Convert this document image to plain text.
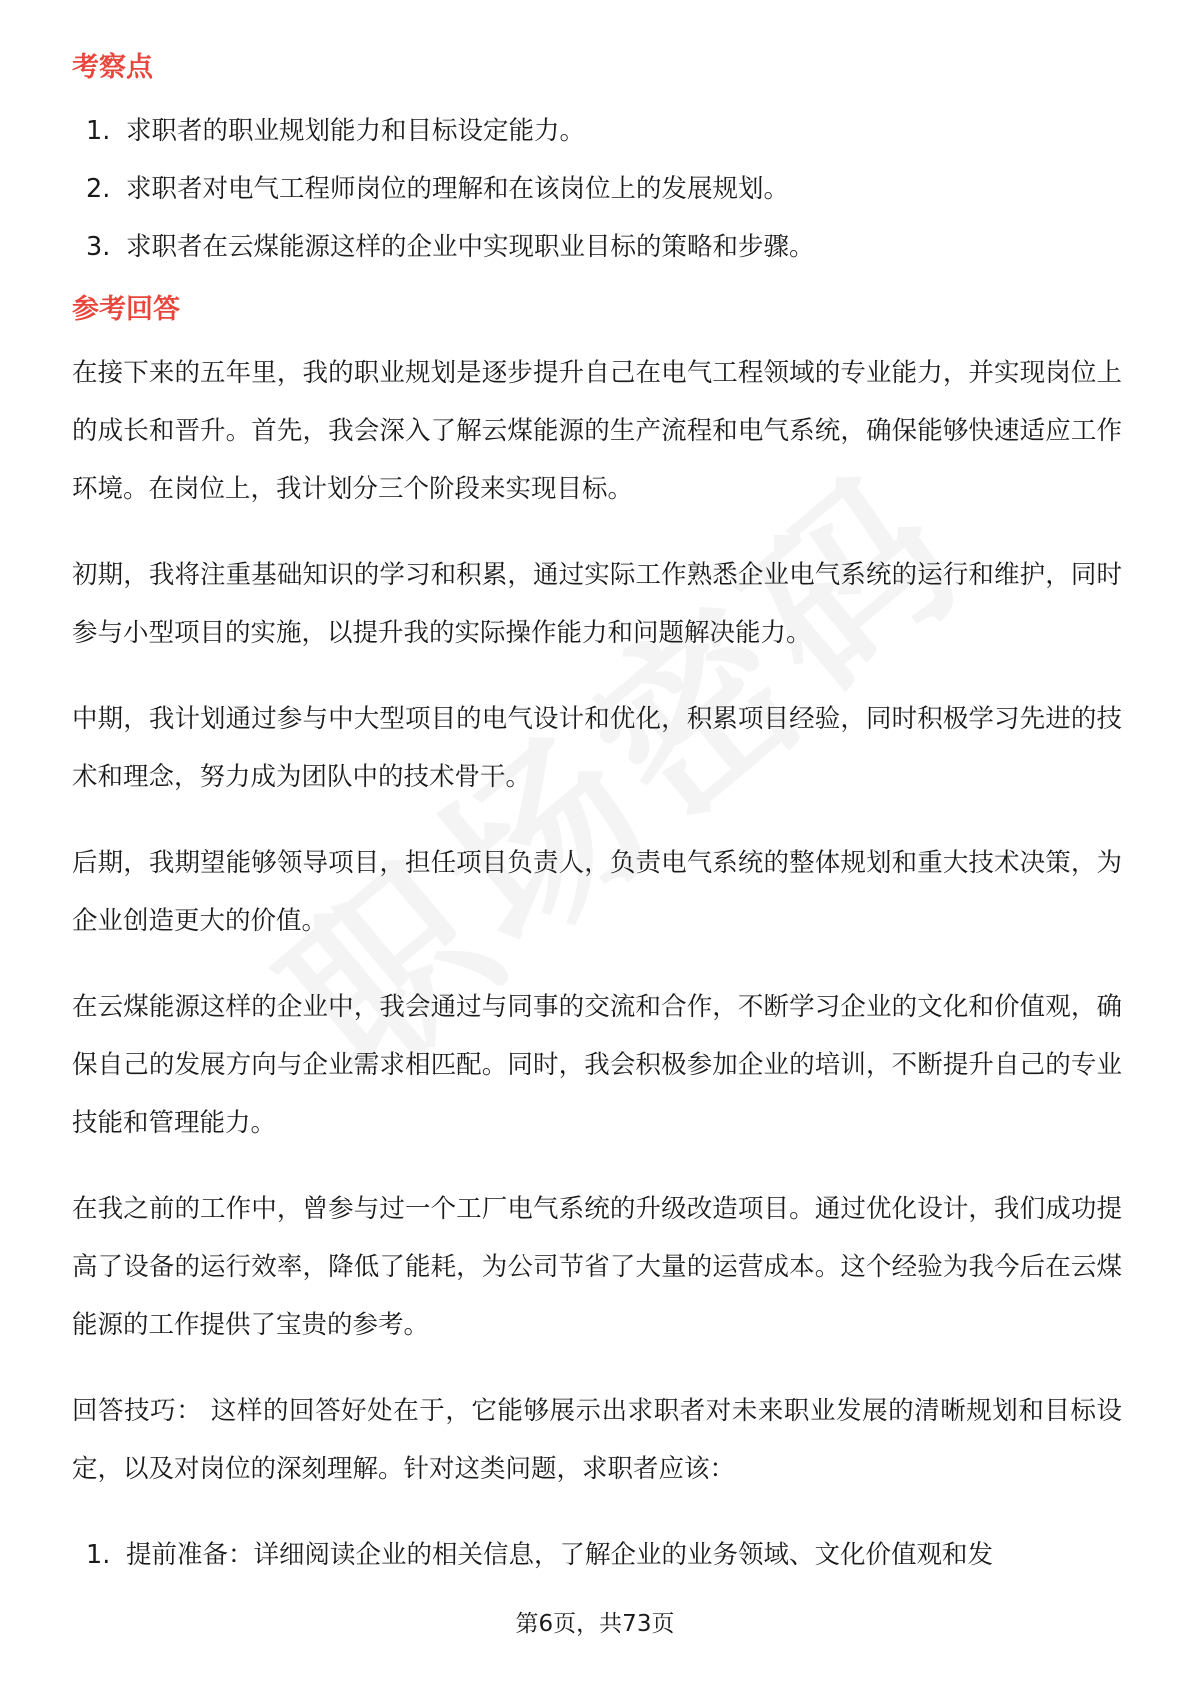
考察点
1. 求职者的职业规划能力和目标设定能力。
2. 求职者对电气工程师岗位的理解和在该岗位上的发展规划。
3. 求职者在云煤能源这样的企业中实现职业目标的策略和步骤。
参考回答

在接下来的五年里，我的职业规划是逐步提升自己在电气工程领域的专业能力，并实现岗位上的成长和晋升。首先，我会深入了解云煤能源的生产流程和电气系统，确保能够快速适应工作环境。在岗位上，我计划分三个阶段来实现目标。

初期，我将注重基础知识的学习和积累，通过实际工作熟悉企业电气系统的运行和维护，同时参与小型项目的实施，以提升我的实际操作能力和问题解决能力。

中期，我计划通过参与中大型项目的电气设计和优化，积累项目经验，同时积极学习先进的技术和理念，努力成为团队中的技术骨干。

后期，我期望能够领导项目，担任项目负责人，负责电气系统的整体规划和重大技术决策，为企业创造更大的价值。

在云煤能源这样的企业中，我会通过与同事的交流和合作，不断学习企业的文化和价值观，确保自己的发展方向与企业需求相匹配。同时，我会积极参加企业的培训，不断提升自己的专业技能和管理能力。

在我之前的工作中，曾参与过一个工厂电气系统的升级改造项目。通过优化设计，我们成功提高了设备的运行效率，降低了能耗，为公司节省了大量的运营成本。这个经验为我今后在云煤能源的工作提供了宝贵的参考。

回答技巧： 这样的回答好处在于，它能够展示出求职者对未来职业发展的清晰规划和目标设定，以及对岗位的深刻理解。针对这类问题，求职者应该：

1. 提前准备：详细阅读企业的相关信息，了解企业的业务领域、文化价值观和发
第6页，共73页
